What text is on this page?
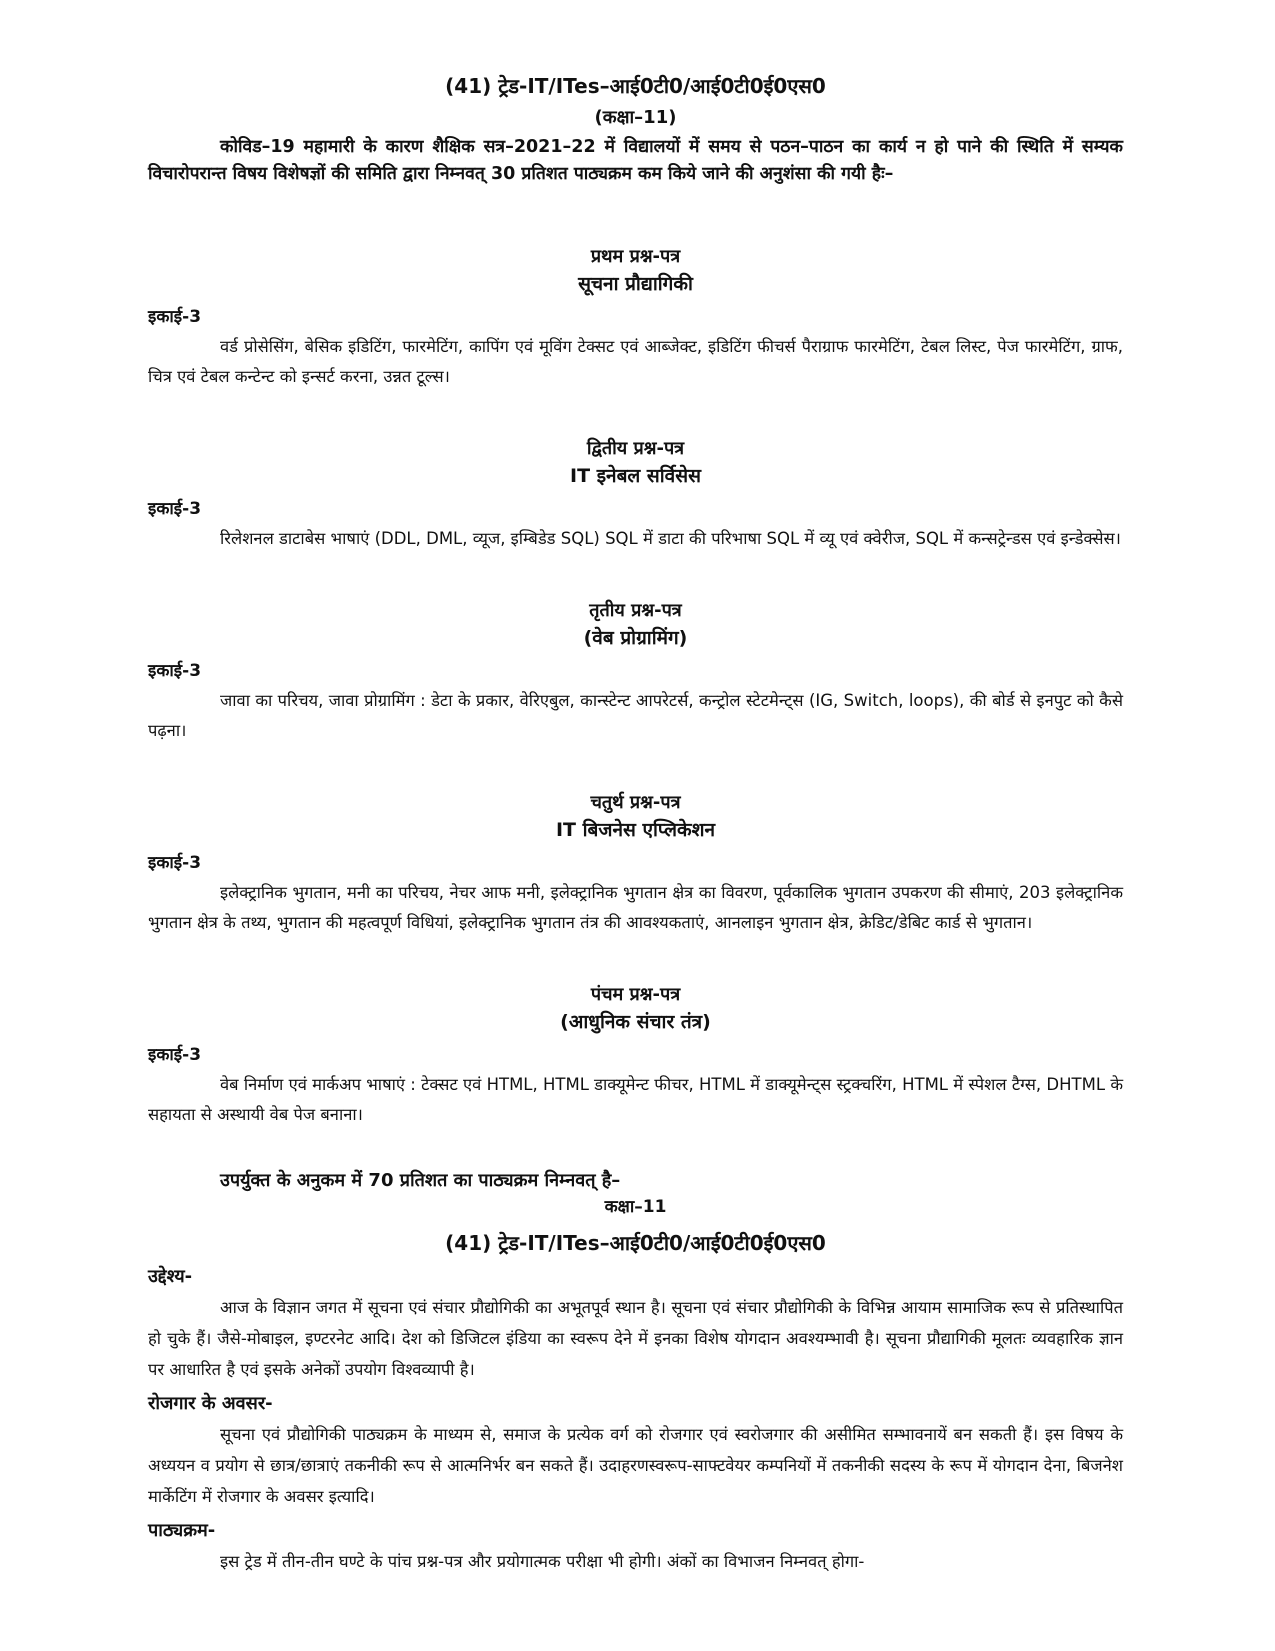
(41) ट्रेड-IT/ITes–आई0टी0/आई0टी0ई0एस0
(कक्षा–11)

कोविड–19 महामारी के कारण शैक्षिक सत्र–2021–22 में विद्यालयों में समय से पठन–पाठन का कार्य न हो पाने की स्थिति में सम्यक विचारोपरान्त विषय विशेषज्ञों की समिति द्वारा निम्नवत् 30 प्रतिशत पाठ्यक्रम कम किये जाने की अनुशंसा की गयी हैः–

प्रथम प्रश्न-पत्र
सूचना प्रौद्यागिकी
इकाई-3

वर्ड प्रोसेसिंग, बेसिक इडिटिंग, फारमेटिंग, कापिंग एवं मूविंग टेक्सट एवं आब्जेक्ट, इडिटिंग फीचर्स पैराग्राफ फारमेटिंग, टेबल लिस्ट, पेज फारमेटिंग, ग्राफ, चित्र एवं टेबल कन्टेन्ट को इन्सर्ट करना, उन्नत टूल्स।

द्वितीय प्रश्न-पत्र
IT इनेबल सर्विसेस
इकाई-3

रिलेशनल डाटाबेस भाषाएं (DDL, DML, व्यूज, इम्बिडेड SQL) SQL में डाटा की परिभाषा SQL में व्यू एवं क्वेरीज, SQL में कन्सट्रेन्डस एवं इन्डेक्सेस।

तृतीय प्रश्न-पत्र
(वेब प्रोग्रामिंग)
इकाई-3

जावा का परिचय, जावा प्रोग्रामिंग : डेटा के प्रकार, वेरिएबुल, कान्स्टेन्ट आपरेटर्स, कन्ट्रोल स्टेटमेन्ट्स (IG, Switch, loops), की बोर्ड से इनपुट को कैसे पढ़ना।

चतुर्थ प्रश्न-पत्र
IT बिजनेस एप्लिकेशन
इकाई-3

इलेक्ट्रानिक भुगतान, मनी का परिचय, नेचर आफ मनी, इलेक्ट्रानिक भुगतान क्षेत्र का विवरण, पूर्वकालिक भुगतान उपकरण की सीमाएं, 203 इलेक्ट्रानिक भुगतान क्षेत्र के तथ्य, भुगतान की महत्वपूर्ण विधियां, इलेक्ट्रानिक भुगतान तंत्र की आवश्यकताएं, आनलाइन भुगतान क्षेत्र, क्रेडिट/डेबिट कार्ड से भुगतान।

पंचम प्रश्न-पत्र
(आधुनिक संचार तंत्र)
इकाई-3

वेब निर्माण एवं मार्कअप भाषाएं : टेक्सट एवं HTML, HTML डाक्यूमेन्ट फीचर, HTML में डाक्यूमेन्ट्स स्ट्रक्चरिंग, HTML में स्पेशल टैग्स, DHTML के सहायता से अस्थायी वेब पेज बनाना।

उपर्युक्त के अनुकम में 70 प्रतिशत का पाठ्यक्रम निम्नवत् है–
कक्षा–11
(41) ट्रेड-IT/ITes–आई0टी0/आई0टी0ई0एस0
उद्देश्य-

आज के विज्ञान जगत में सूचना एवं संचार प्रौद्योगिकी का अभूतपूर्व स्थान है। सूचना एवं संचार प्रौद्योगिकी के विभिन्न आयाम सामाजिक रूप से प्रतिस्थापित हो चुके हैं। जैसे-मोबाइल, इण्टरनेट आदि। देश को डिजिटल इंडिया का स्वरूप देने में इनका विशेष योगदान अवश्यम्भावी है। सूचना प्रौद्यागिकी मूलतः व्यवहारिक ज्ञान पर आधारित है एवं इसके अनेकों उपयोग विश्वव्यापी है।

रोजगार के अवसर-

सूचना एवं प्रौद्योगिकी पाठ्यक्रम के माध्यम से, समाज के प्रत्येक वर्ग को रोजगार एवं स्वरोजगार की असीमित सम्भावनायें बन सकती हैं। इस विषय के अध्ययन व प्रयोग से छात्र/छात्राएं तकनीकी रूप से आत्मनिर्भर बन सकते हैं। उदाहरणस्वरूप-साफ्टवेयर कम्पनियों में तकनीकी सदस्य के रूप में योगदान देना, बिजनेश मार्केटिंग में रोजगार के अवसर इत्यादि।

पाठ्यक्रम-

इस ट्रेड में तीन-तीन घण्टे के पांच प्रश्न-पत्र और प्रयोगात्मक परीक्षा भी होगी। अंकों का विभाजन निम्नवत् होगा-
